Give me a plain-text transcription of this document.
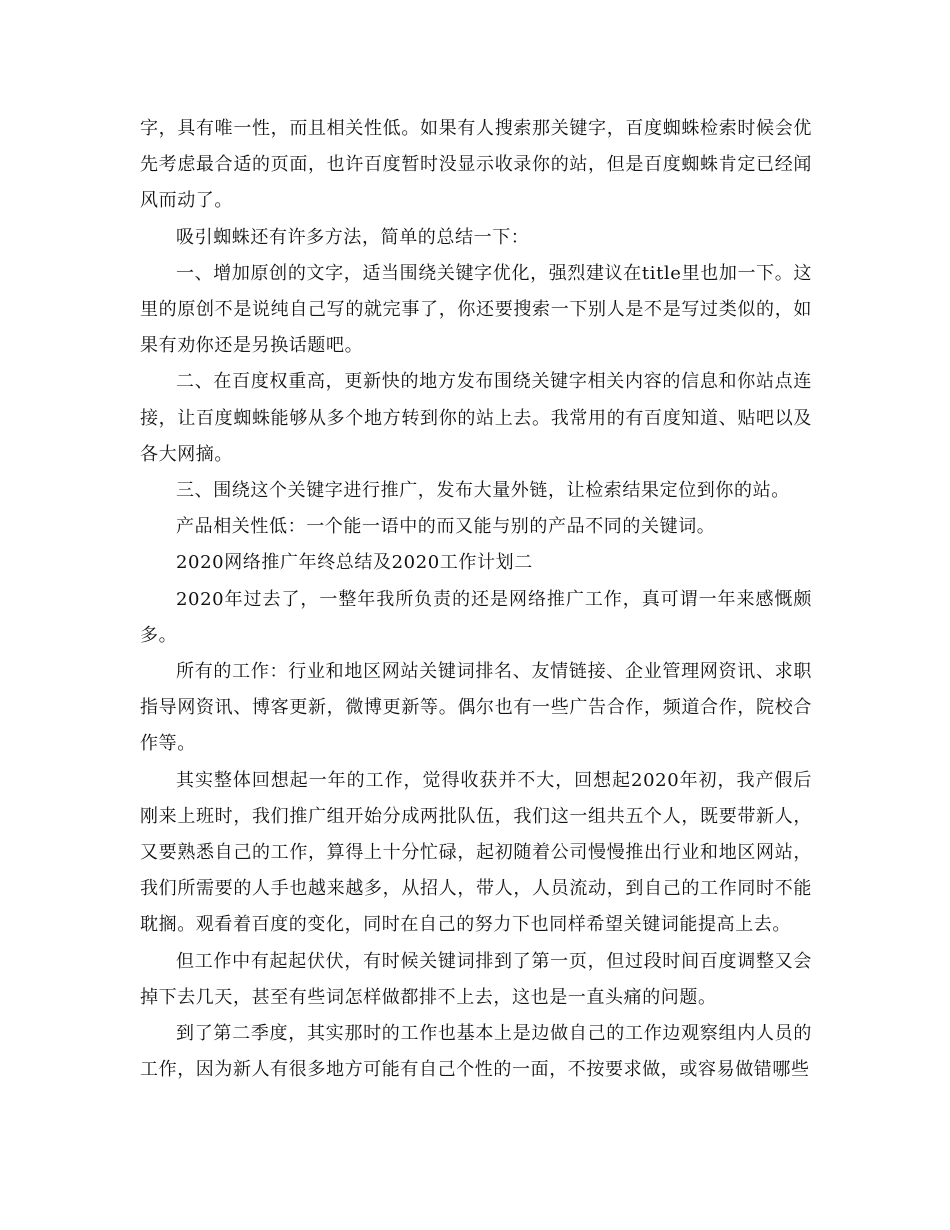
字，具有唯一性，而且相关性低。如果有人搜索那关键字，百度蜘蛛检索时候会优先考虑最合适的页面，也许百度暂时没显示收录你的站，但是百度蜘蛛肯定已经闻风而动了。

吸引蜘蛛还有许多方法，简单的总结一下：

一、增加原创的文字，适当围绕关键字优化，强烈建议在title里也加一下。这里的原创不是说纯自己写的就完事了，你还要搜索一下别人是不是写过类似的，如果有劝你还是另换话题吧。

二、在百度权重高，更新快的地方发布围绕关键字相关内容的信息和你站点连接，让百度蜘蛛能够从多个地方转到你的站上去。我常用的有百度知道、贴吧以及各大网摘。

三、围绕这个关键字进行推广，发布大量外链，让检索结果定位到你的站。

产品相关性低：一个能一语中的而又能与别的产品不同的关键词。

2020网络推广年终总结及2020工作计划二

2020年过去了，一整年我所负责的还是网络推广工作，真可谓一年来感慨颇多。

所有的工作：行业和地区网站关键词排名、友情链接、企业管理网资讯、求职指导网资讯、博客更新，微博更新等。偶尔也有一些广告合作，频道合作，院校合作等。

其实整体回想起一年的工作，觉得收获并不大，回想起2020年初，我产假后刚来上班时，我们推广组开始分成两批队伍，我们这一组共五个人，既要带新人，又要熟悉自己的工作，算得上十分忙碌，起初随着公司慢慢推出行业和地区网站，我们所需要的人手也越来越多，从招人，带人，人员流动，到自己的工作同时不能耽搁。观看着百度的变化，同时在自己的努力下也同样希望关键词能提高上去。

但工作中有起起伏伏，有时候关键词排到了第一页，但过段时间百度调整又会掉下去几天，甚至有些词怎样做都排不上去，这也是一直头痛的问题。

到了第二季度，其实那时的工作也基本上是边做自己的工作边观察组内人员的工作，因为新人有很多地方可能有自己个性的一面，不按要求做，或容易做错哪些
